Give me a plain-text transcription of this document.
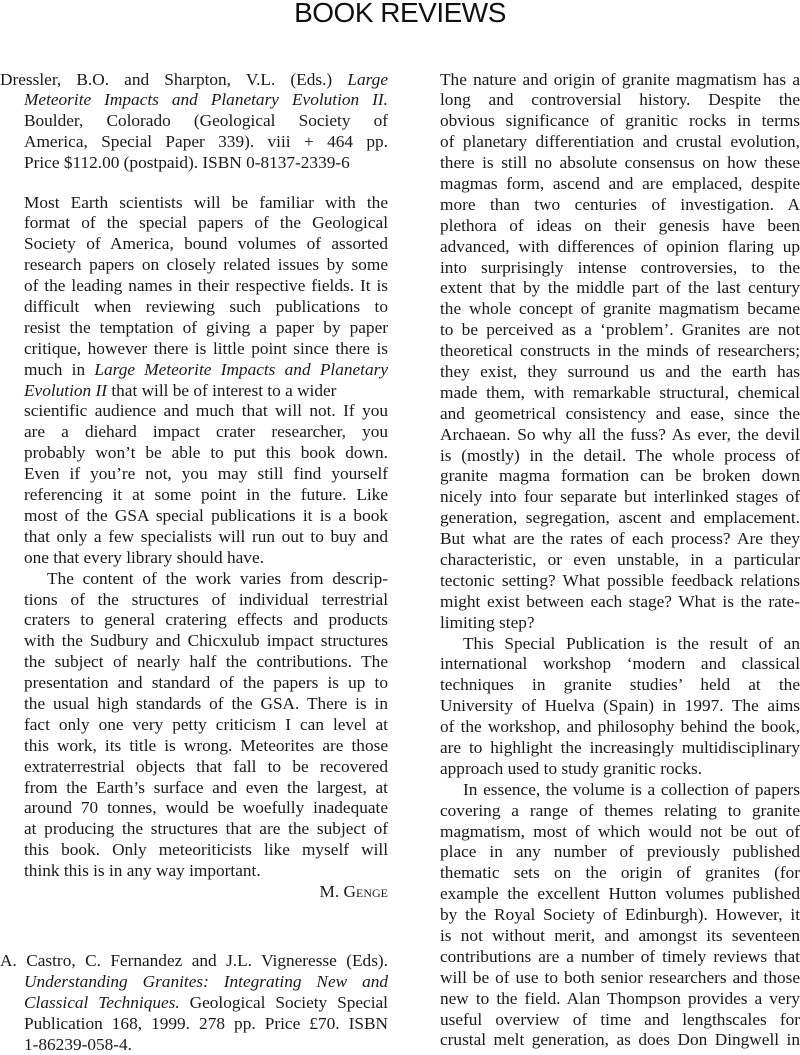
BOOK REVIEWS
Dressler, B.O. and Sharpton, V.L. (Eds.) Large
Meteorite Impacts and Planetary Evolution II.
Boulder, Colorado (Geological Society of
America, Special Paper 339). viii + 464 pp.
Price $112.00 (postpaid). ISBN 0-8137-2339-6
Most Earth scientists will be familiar with the
format of the special papers of the Geological
Society of America, bound volumes of assorted
research papers on closely related issues by some
of the leading names in their respective fields. It is
difficult when reviewing such publications to
resist the temptation of giving a paper by paper
critique, however there is little point since there is
much in Large Meteorite Impacts and Planetary
Evolution II that will be of interest to a wider
scientific audience and much that will not. If you
are a diehard impact crater researcher, you
probably won’t be able to put this book down.
Even if you’re not, you may still find yourself
referencing it at some point in the future. Like
most of the GSA special publications it is a book
that only a few specialists will run out to buy and
one that every library should have.
The content of the work varies from descrip-
tions of the structures of individual terrestrial
craters to general cratering effects and products
with the Sudbury and Chicxulub impact structures
the subject of nearly half the contributions. The
presentation and standard of the papers is up to
the usual high standards of the GSA. There is in
fact only one very petty criticism I can level at
this work, its title is wrong. Meteorites are those
extraterrestrial objects that fall to be recovered
from the Earth’s surface and even the largest, at
around 70 tonnes, would be woefully inadequate
at producing the structures that are the subject of
this book. Only meteoriticists like myself will
think this is in any way important.
M. Genge
A. Castro, C. Fernandez and J.L. Vigneresse (Eds).
Understanding Granites: Integrating New and
Classical Techniques. Geological Society Special
Publication 168, 1999. 278 pp. Price £70. ISBN
1-86239-058-4.
The nature and origin of granite magmatism has a
long and controversial history. Despite the
obvious significance of granitic rocks in terms
of planetary differentiation and crustal evolution,
there is still no absolute consensus on how these
magmas form, ascend and are emplaced, despite
more than two centuries of investigation. A
plethora of ideas on their genesis have been
advanced, with differences of opinion flaring up
into surprisingly intense controversies, to the
extent that by the middle part of the last century
the whole concept of granite magmatism became
to be perceived as a ‘problem’. Granites are not
theoretical constructs in the minds of researchers;
they exist, they surround us and the earth has
made them, with remarkable structural, chemical
and geometrical consistency and ease, since the
Archaean. So why all the fuss? As ever, the devil
is (mostly) in the detail. The whole process of
granite magma formation can be broken down
nicely into four separate but interlinked stages of
generation, segregation, ascent and emplacement.
But what are the rates of each process? Are they
characteristic, or even unstable, in a particular
tectonic setting? What possible feedback relations
might exist between each stage? What is the rate-
limiting step?
This Special Publication is the result of an
international workshop ‘modern and classical
techniques in granite studies’ held at the
University of Huelva (Spain) in 1997. The aims
of the workshop, and philosophy behind the book,
are to highlight the increasingly multidisciplinary
approach used to study granitic rocks.
In essence, the volume is a collection of papers
covering a range of themes relating to granite
magmatism, most of which would not be out of
place in any number of previously published
thematic sets on the origin of granites (for
example the excellent Hutton volumes published
by the Royal Society of Edinburgh). However, it
is not without merit, and amongst its seventeen
contributions are a number of timely reviews that
will be of use to both senior researchers and those
new to the field. Alan Thompson provides a very
useful overview of time and lengthscales for
crustal melt generation, as does Don Dingwell in
